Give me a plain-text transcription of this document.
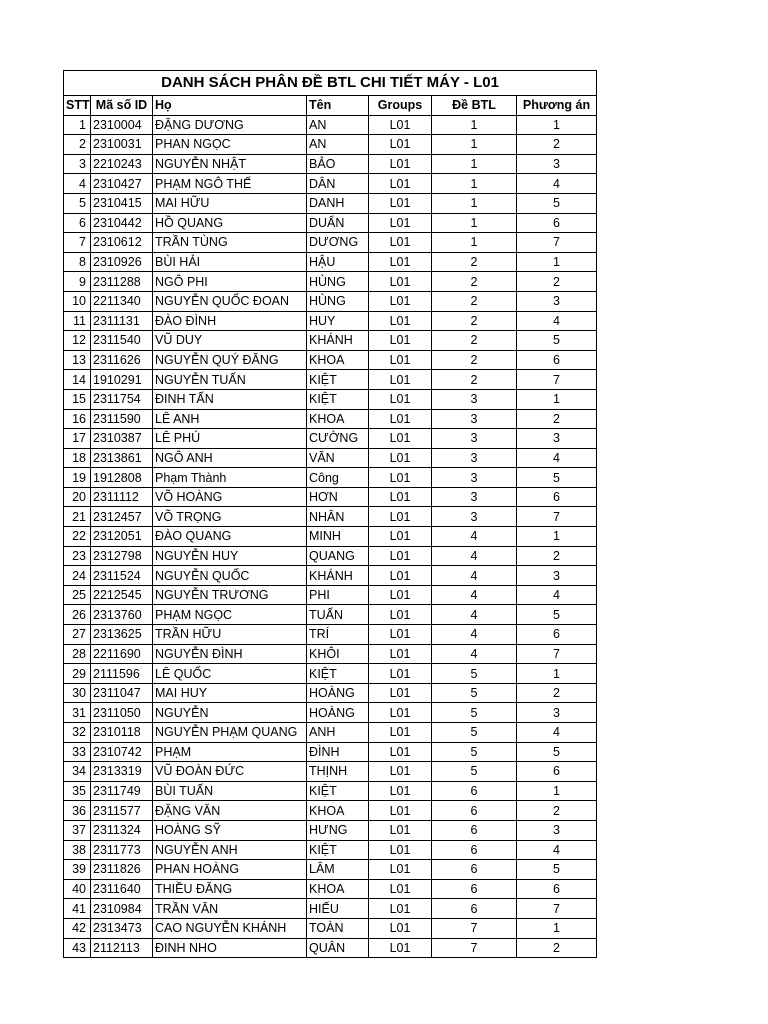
DANH SÁCH PHÂN ĐỀ BTL CHI TIẾT MÁY - L01						
STT	Mã số ID	Họ	Tên	Groups	Đề BTL	Phương án
1	2310004	ĐẶNG DƯƠNG	AN	L01	1	1
2	2310031	PHAN NGỌC	AN	L01	1	2
3	2210243	NGUYỄN NHẬT	BẢO	L01	1	3
4	2310427	PHẠM NGÔ THẾ	DÂN	L01	1	4
5	2310415	MAI HỮU	DANH	L01	1	5
6	2310442	HỒ QUANG	DUẨN	L01	1	6
7	2310612	TRẦN TÙNG	DƯƠNG	L01	1	7
8	2310926	BÙI HẢI	HẬU	L01	2	1
9	2311288	NGÔ PHI	HÙNG	L01	2	2
10	2211340	NGUYỄN QUỐC ĐOAN	HÙNG	L01	2	3
11	2311131	ĐÀO ĐÌNH	HUY	L01	2	4
12	2311540	VŨ DUY	KHÁNH	L01	2	5
13	2311626	NGUYỄN QUÝ ĐĂNG	KHOA	L01	2	6
14	1910291	NGUYỄN TUẤN	KIỆT	L01	2	7
15	2311754	ĐINH TẤN	KIỆT	L01	3	1
16	2311590	LÊ ANH	KHOA	L01	3	2
17	2310387	LÊ PHÚ	CƯỜNG	L01	3	3
18	2313861	NGÔ ANH	VĂN	L01	3	4
19	1912808	Phạm Thành	Công	L01	3	5
20	2311112	VÕ HOÀNG	HƠN	L01	3	6
21	2312457	VÕ TRỌNG	NHÂN	L01	3	7
22	2312051	ĐÀO QUANG	MINH	L01	4	1
23	2312798	NGUYỄN HUY	QUANG	L01	4	2
24	2311524	NGUYỄN QUỐC	KHÁNH	L01	4	3
25	2212545	NGUYỄN TRƯƠNG	PHI	L01	4	4
26	2313760	PHẠM NGỌC	TUẤN	L01	4	5
27	2313625	TRẦN HỮU	TRÍ	L01	4	6
28	2211690	NGUYỄN ĐÌNH	KHÔI	L01	4	7
29	2111596	LÊ QUỐC	KIỆT	L01	5	1
30	2311047	MAI HUY	HOÀNG	L01	5	2
31	2311050	NGUYỄN	HOÀNG	L01	5	3
32	2310118	NGUYỄN PHẠM QUANG	ANH	L01	5	4
33	2310742	PHẠM	ĐÌNH	L01	5	5
34	2313319	VŨ ĐOÀN ĐỨC	THỊNH	L01	5	6
35	2311749	BÙI TUẤN	KIỆT	L01	6	1
36	2311577	ĐẶNG VĂN	KHOA	L01	6	2
37	2311324	HOÀNG SỸ	HƯNG	L01	6	3
38	2311773	NGUYỄN ANH	KIỆT	L01	6	4
39	2311826	PHAN HOÀNG	LÂM	L01	6	5
40	2311640	THIỀU ĐĂNG	KHOA	L01	6	6
41	2310984	TRẦN VĂN	HIẾU	L01	6	7
42	2313473	CAO NGUYỄN KHÁNH	TOÀN	L01	7	1
43	2112113	ĐINH NHO	QUÂN	L01	7	2
